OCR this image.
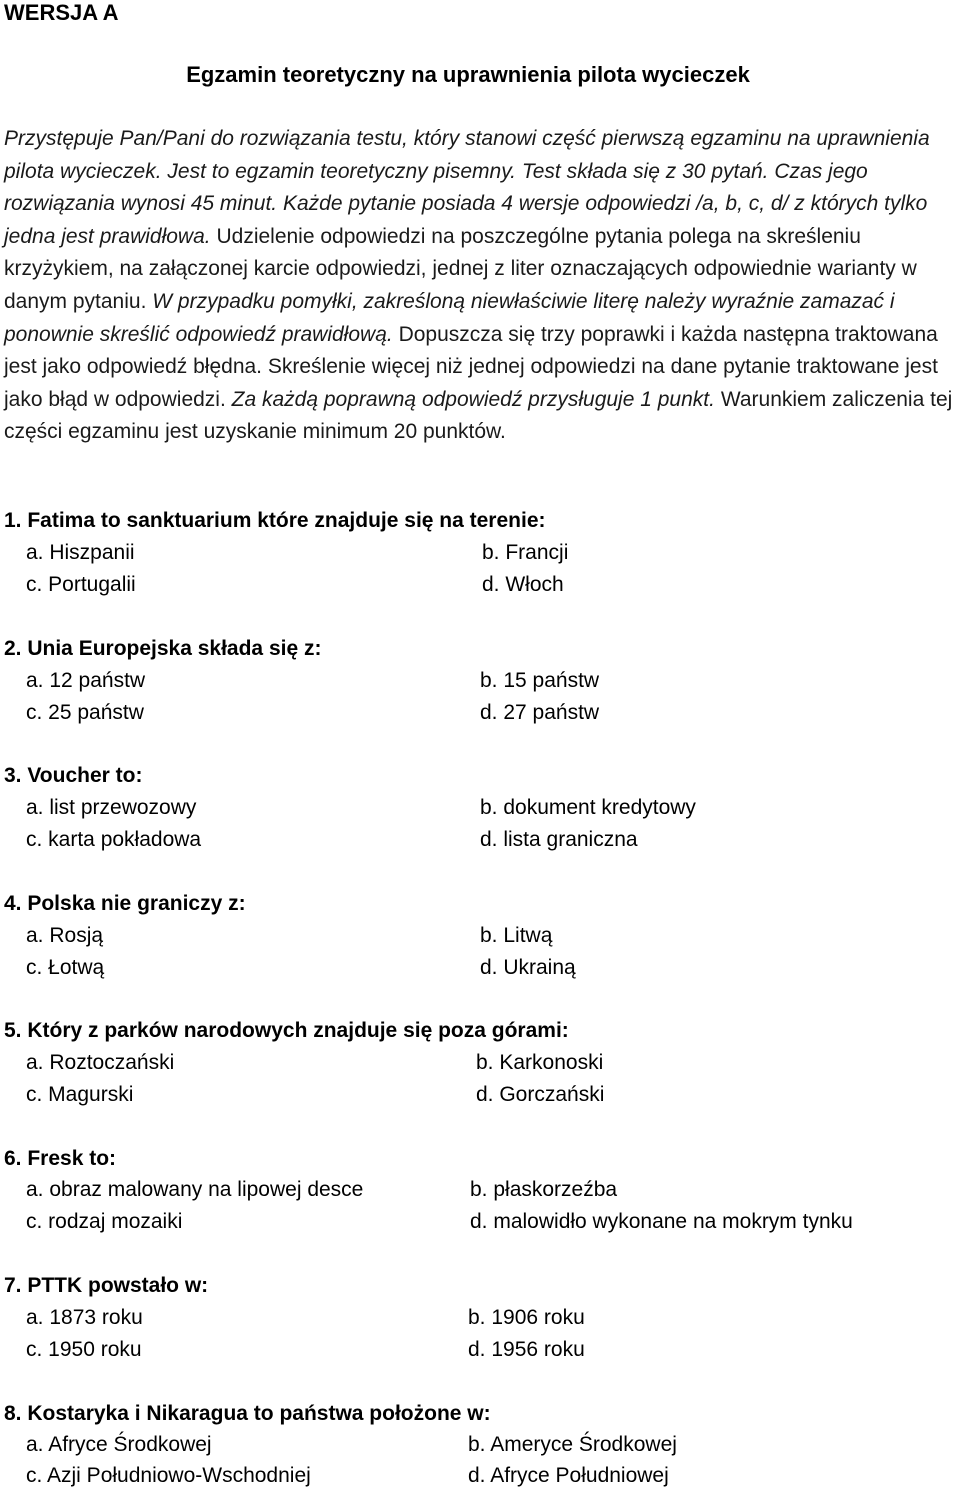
WERSJA A
Egzamin teoretyczny na uprawnienia pilota wycieczek
Przystępuje Pan/Pani do rozwiązania testu, który stanowi część pierwszą egzaminu na uprawnienia pilota wycieczek. Jest to egzamin teoretyczny pisemny. Test składa się z 30 pytań. Czas jego rozwiązania wynosi 45 minut. Każde pytanie posiada 4 wersje odpowiedzi /a, b, c, d/ z których tylko jedna jest prawidłowa. Udzielenie odpowiedzi na poszczególne pytania polega na skreśleniu krzyżykiem, na załączonej karcie odpowiedzi, jednej z liter oznaczających odpowiednie warianty w danym pytaniu. W przypadku pomyłki, zakreśloną niewłaściwie literę należy wyraźnie zamazać i ponownie skreślić odpowiedź prawidłową. Dopuszcza się trzy poprawki i każda następna traktowana jest jako odpowiedź błędna. Skreślenie więcej niż jednej odpowiedzi na dane pytanie traktowane jest jako błąd w odpowiedzi. Za każdą poprawną odpowiedź przysługuje 1 punkt. Warunkiem zaliczenia tej części egzaminu jest uzyskanie minimum 20 punktów.
1. Fatima to sanktuarium które znajduje się na terenie:
a. Hiszpanii	b. Francji
c. Portugalii	d. Włoch
2. Unia Europejska składa się z:
a. 12 państw	b. 15 państw
c. 25 państw	d. 27 państw
3. Voucher to:
a. list przewozowy	b. dokument kredytowy
c. karta pokładowa	d. lista graniczna
4. Polska nie graniczy z:
a. Rosją	b. Litwą
c. Łotwą	d. Ukrainą
5. Który z parków narodowych znajduje się poza górami:
a. Roztoczański	b. Karkonoski
c. Magurski	d. Gorczański
6. Fresk to:
a. obraz malowany na lipowej desce	b. płaskorzeźba
c. rodzaj mozaiki	d. malowidło wykonane na mokrym tynku
7. PTTK powstało w:
a. 1873 roku	b. 1906 roku
c. 1950 roku	d. 1956 roku
8. Kostaryka i Nikaragua to państwa położone w:
a. Afryce Środkowej	b. Ameryce Środkowej
c. Azji Południowo-Wschodniej	d. Afryce Południowej
